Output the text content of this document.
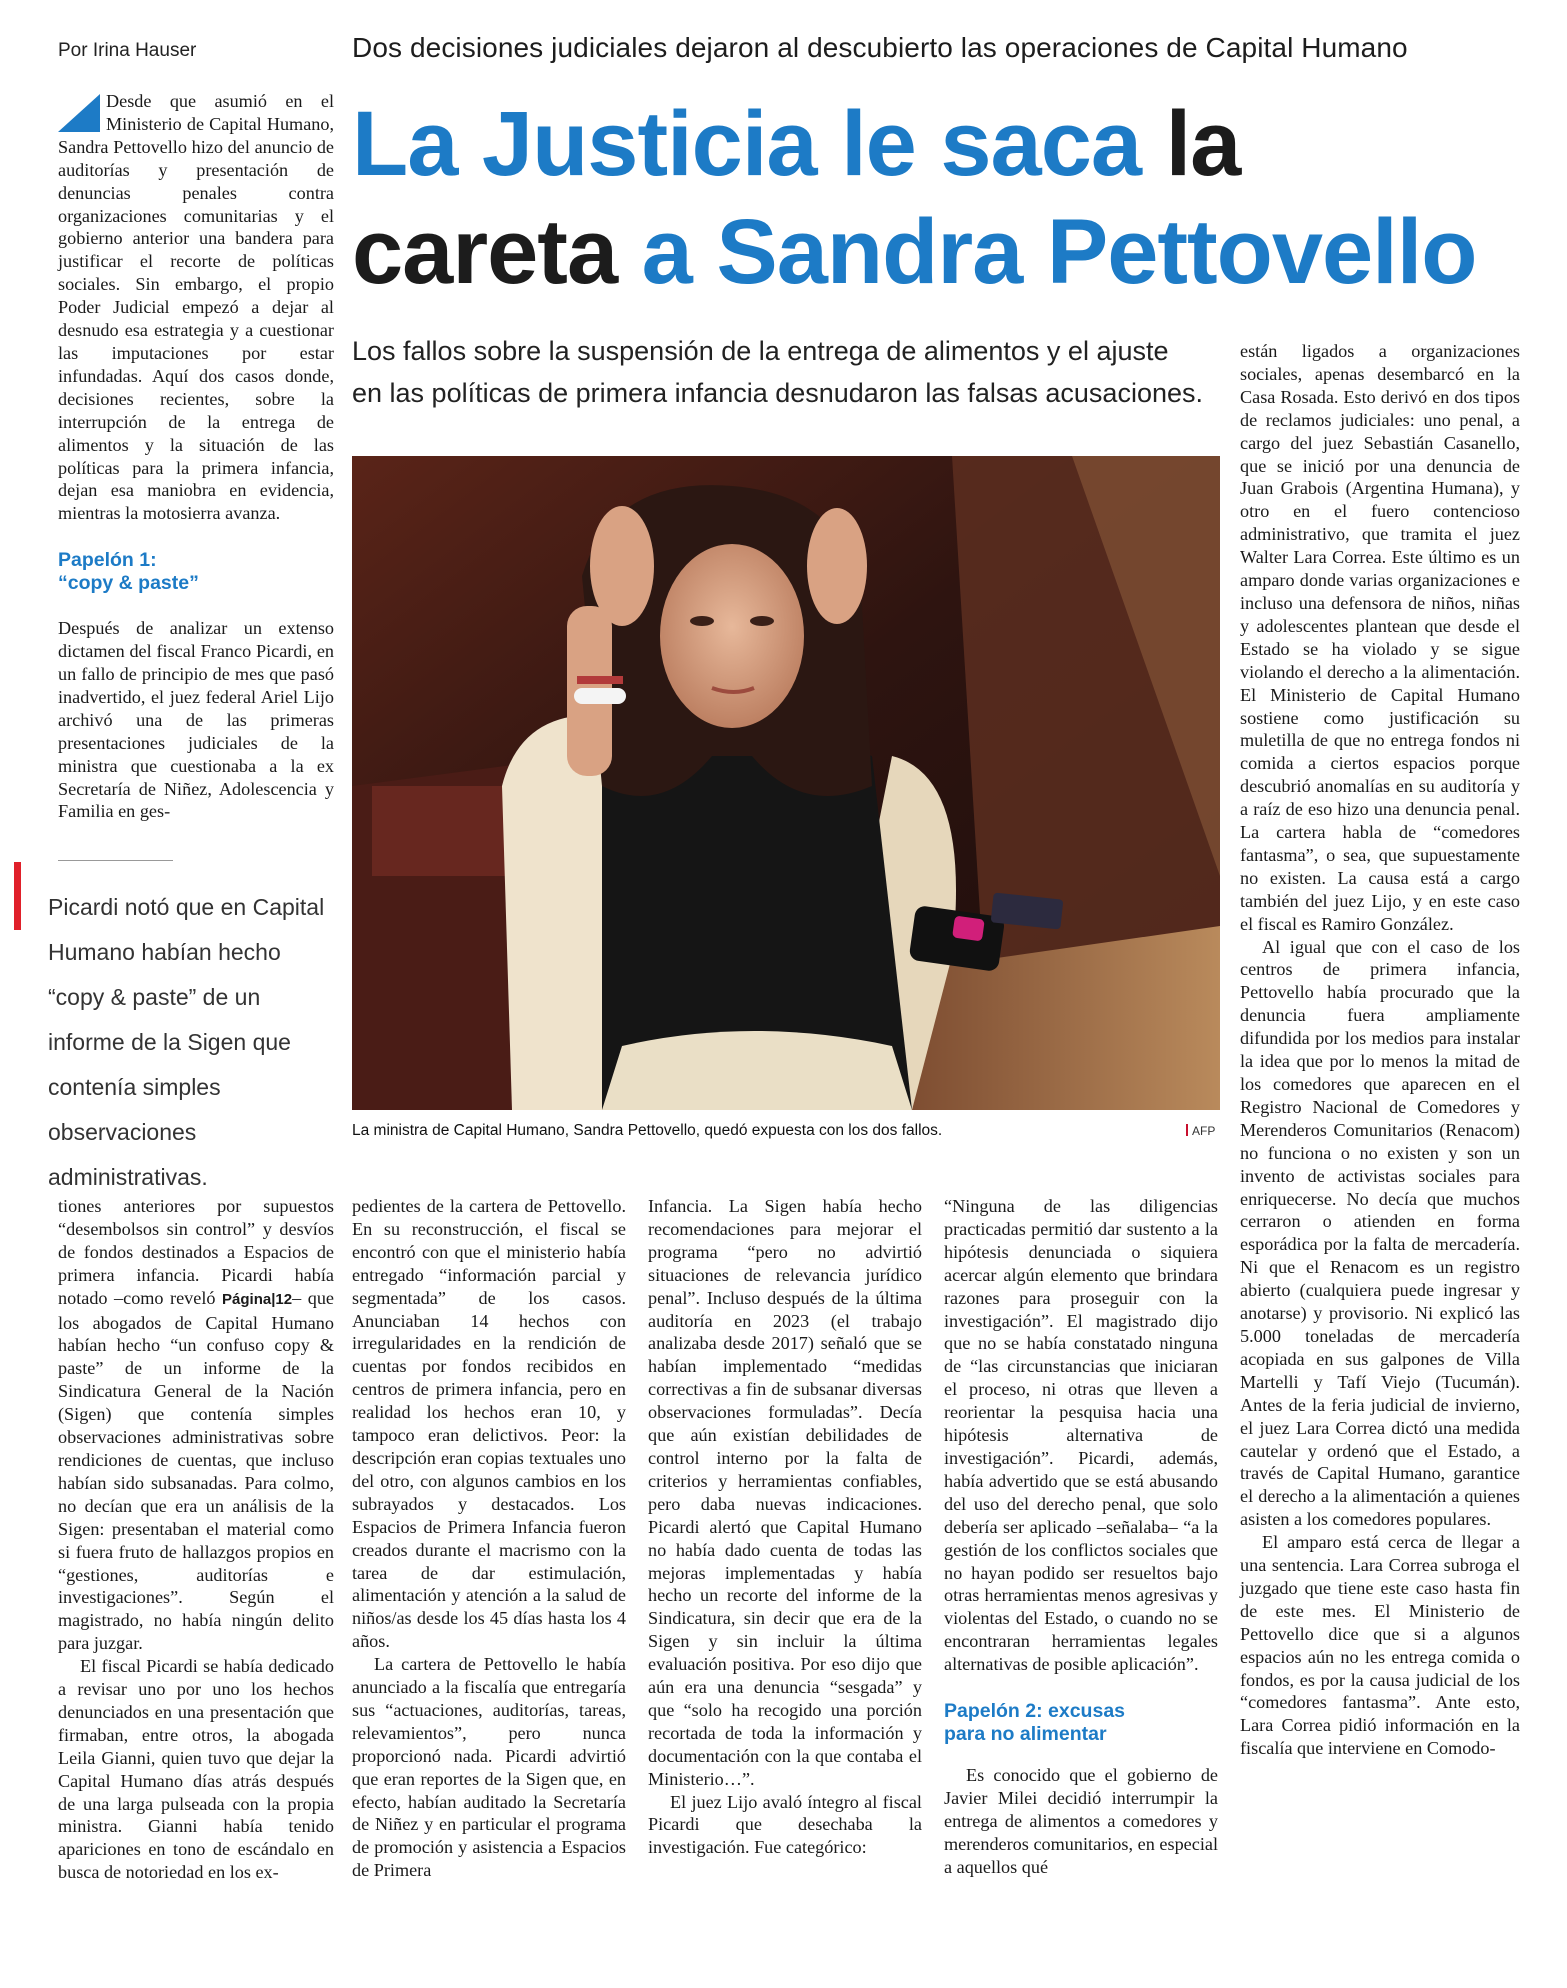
Por Irina Hauser	Dos decisiones judiciales dejaron al descubierto las operaciones de Capital Humano
La Justicia le saca la
careta a Sandra Pettovello
Los fallos sobre la suspensión de la entrega de alimentos y el ajuste
en las políticas de primera infancia desnudaron las falsas acusaciones.
La ministra de Capital Humano, Sandra Pettovello, quedó expuesta con los dos fallos.	AFP

Desde que asumió en el Ministerio de Capital Humano, Sandra Pettovello hizo del anuncio de auditorías y presentación de denuncias penales contra organizaciones comunitarias y el gobierno anterior una bandera para justificar el recorte de políticas sociales. Sin embargo, el propio Poder Judicial empezó a dejar al desnudo esa estrategia y a cuestionar las imputaciones por estar infundadas. Aquí dos casos donde, decisiones recientes, sobre la interrupción de la entrega de alimentos y la situación de las políticas para la primera infancia, dejan esa maniobra en evidencia, mientras la motosierra avanza.

Papelón 1:
“copy & paste”

Después de analizar un extenso dictamen del fiscal Franco Picardi, en un fallo de principio de mes que pasó inadvertido, el juez federal Ariel Lijo archivó una de las primeras presentaciones judiciales de la ministra que cuestionaba a la ex Secretaría de Niñez, Adolescencia y Familia en ges-

Picardi notó que en Capital Humano habían hecho “copy & paste” de un informe de la Sigen que contenía simples observaciones administrativas.

tiones anteriores por supuestos “desembolsos sin control” y desvíos de fondos destinados a Espacios de primera infancia. Picardi había notado –como reveló Página|12– que los abogados de Capital Humano habían hecho “un confuso copy & paste” de un informe de la Sindicatura General de la Nación (Sigen) que contenía simples observaciones administrativas sobre rendiciones de cuentas, que incluso habían sido subsanadas. Para colmo, no decían que era un análisis de la Sigen: presentaban el material como si fuera fruto de hallazgos propios en “gestiones, auditorías e investigaciones”. Según el magistrado, no había ningún delito para juzgar.

El fiscal Picardi se había dedicado a revisar uno por uno los hechos denunciados en una presentación que firmaban, entre otros, la abogada Leila Gianni, quien tuvo que dejar la Capital Humano días atrás después de una larga pulseada con la propia ministra. Gianni había tenido apariciones en tono de escándalo en busca de notoriedad en los ex-

pedientes de la cartera de Pettovello. En su reconstrucción, el fiscal se encontró con que el ministerio había entregado “información parcial y segmentada” de los casos. Anunciaban 14 hechos con irregularidades en la rendición de cuentas por fondos recibidos en centros de primera infancia, pero en realidad los hechos eran 10, y tampoco eran delictivos. Peor: la descripción eran copias textuales uno del otro, con algunos cambios en los subrayados y destacados. Los Espacios de Primera Infancia fueron creados durante el macrismo con la tarea de dar estimulación, alimentación y atención a la salud de niños/as desde los 45 días hasta los 4 años.

La cartera de Pettovello le había anunciado a la fiscalía que entregaría sus “actuaciones, auditorías, tareas, relevamientos”, pero nunca proporcionó nada. Picardi advirtió que eran reportes de la Sigen que, en efecto, habían auditado la Secretaría de Niñez y en particular el programa de promoción y asistencia a Espacios de Primera

Infancia. La Sigen había hecho recomendaciones para mejorar el programa “pero no advirtió situaciones de relevancia jurídico penal”. Incluso después de la última auditoría en 2023 (el trabajo analizaba desde 2017) señaló que se habían implementado “medidas correctivas a fin de subsanar diversas observaciones formuladas”. Decía que aún existían debilidades de control interno por la falta de criterios y herramientas confiables, pero daba nuevas indicaciones. Picardi alertó que Capital Humano no había dado cuenta de todas las mejoras implementadas y había hecho un recorte del informe de la Sindicatura, sin decir que era de la Sigen y sin incluir la última evaluación positiva. Por eso dijo que aún era una denuncia “sesgada” y que “solo ha recogido una porción recortada de toda la información y documentación con la que contaba el Ministerio…”.

El juez Lijo avaló íntegro al fiscal Picardi que desechaba la investigación. Fue categórico:

“Ninguna de las diligencias practicadas permitió dar sustento a la hipótesis denunciada o siquiera acercar algún elemento que brindara razones para proseguir con la investigación”. El magistrado dijo que no se había constatado ninguna de “las circunstancias que iniciaran el proceso, ni otras que lleven a reorientar la pesquisa hacia una hipótesis alternativa de investigación”. Picardi, además, había advertido que se está abusando del uso del derecho penal, que solo debería ser aplicado –señalaba– “a la gestión de los conflictos sociales que no hayan podido ser resueltos bajo otras herramientas menos agresivas y violentas del Estado, o cuando no se encontraran herramientas legales alternativas de posible aplicación”.

Papelón 2: excusas
para no alimentar

Es conocido que el gobierno de Javier Milei decidió interrumpir la entrega de alimentos a comedores y merenderos comunitarios, en especial a aquellos qué

están ligados a organizaciones sociales, apenas desembarcó en la Casa Rosada. Esto derivó en dos tipos de reclamos judiciales: uno penal, a cargo del juez Sebastián Casanello, que se inició por una denuncia de Juan Grabois (Argentina Humana), y otro en el fuero contencioso administrativo, que tramita el juez Walter Lara Correa. Este último es un amparo donde varias organizaciones e incluso una defensora de niños, niñas y adolescentes plantean que desde el Estado se ha violado y se sigue violando el derecho a la alimentación. El Ministerio de Capital Humano sostiene como justificación su muletilla de que no entrega fondos ni comida a ciertos espacios porque descubrió anomalías en su auditoría y a raíz de eso hizo una denuncia penal. La cartera habla de “comedores fantasma”, o sea, que supuestamente no existen. La causa está a cargo también del juez Lijo, y en este caso el fiscal es Ramiro González.

Al igual que con el caso de los centros de primera infancia, Pettovello había procurado que la denuncia fuera ampliamente difundida por los medios para instalar la idea que por lo menos la mitad de los comedores que aparecen en el Registro Nacional de Comedores y Merenderos Comunitarios (Renacom) no funciona o no existen y son un invento de activistas sociales para enriquecerse. No decía que muchos cerraron o atienden en forma esporádica por la falta de mercadería. Ni que el Renacom es un registro abierto (cualquiera puede ingresar y anotarse) y provisorio. Ni explicó las 5.000 toneladas de mercadería acopiada en sus galpones de Villa Martelli y Tafí Viejo (Tucumán). Antes de la feria judicial de invierno, el juez Lara Correa dictó una medida cautelar y ordenó que el Estado, a través de Capital Humano, garantice el derecho a la alimentación a quienes asisten a los comedores populares.

El amparo está cerca de llegar a una sentencia. Lara Correa subroga el juzgado que tiene este caso hasta fin de este mes. El Ministerio de Pettovello dice que si a algunos espacios aún no les entrega comida o fondos, es por la causa judicial de los “comedores fantasma”. Ante esto, Lara Correa pidió información en la fiscalía que interviene en Comodo-
